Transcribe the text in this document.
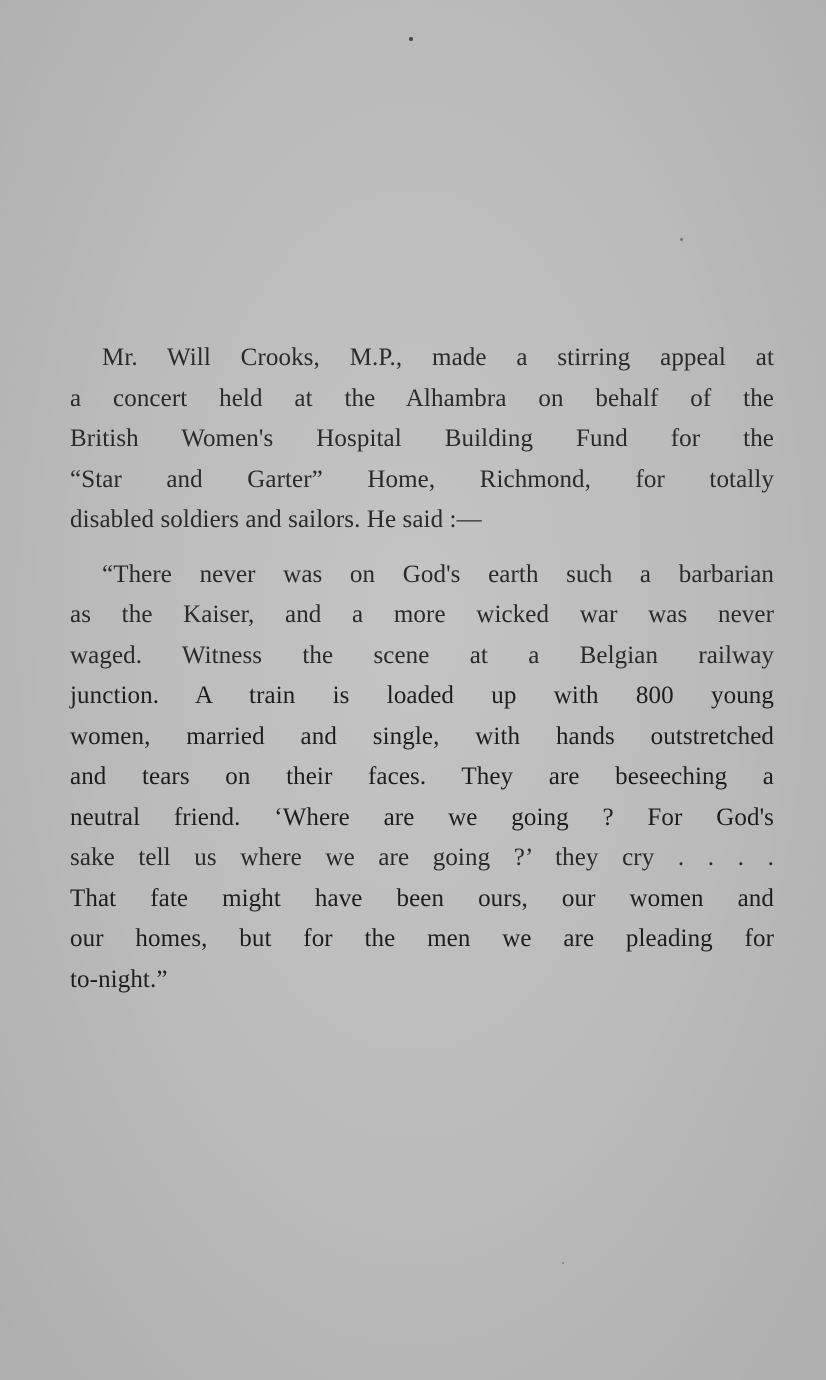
Mr. Will Crooks, M.P., made a stirring appeal at
a concert held at the Alhambra on behalf of the
British Women's Hospital Building Fund for the
“Star and Garter” Home, Richmond, for totally
disabled soldiers and sailors. He said :—
“There never was on God's earth such a barbarian
as the Kaiser, and a more wicked war was never
waged. Witness the scene at a Belgian railway
junction. A train is loaded up with 800 young
women, married and single, with hands outstretched
and tears on their faces. They are beseeching a
neutral friend. ‘Where are we going ? For God's
sake tell us where we are going ?’ they cry . . . .
That fate might have been ours, our women and
our homes, but for the men we are pleading for
to-night.”
